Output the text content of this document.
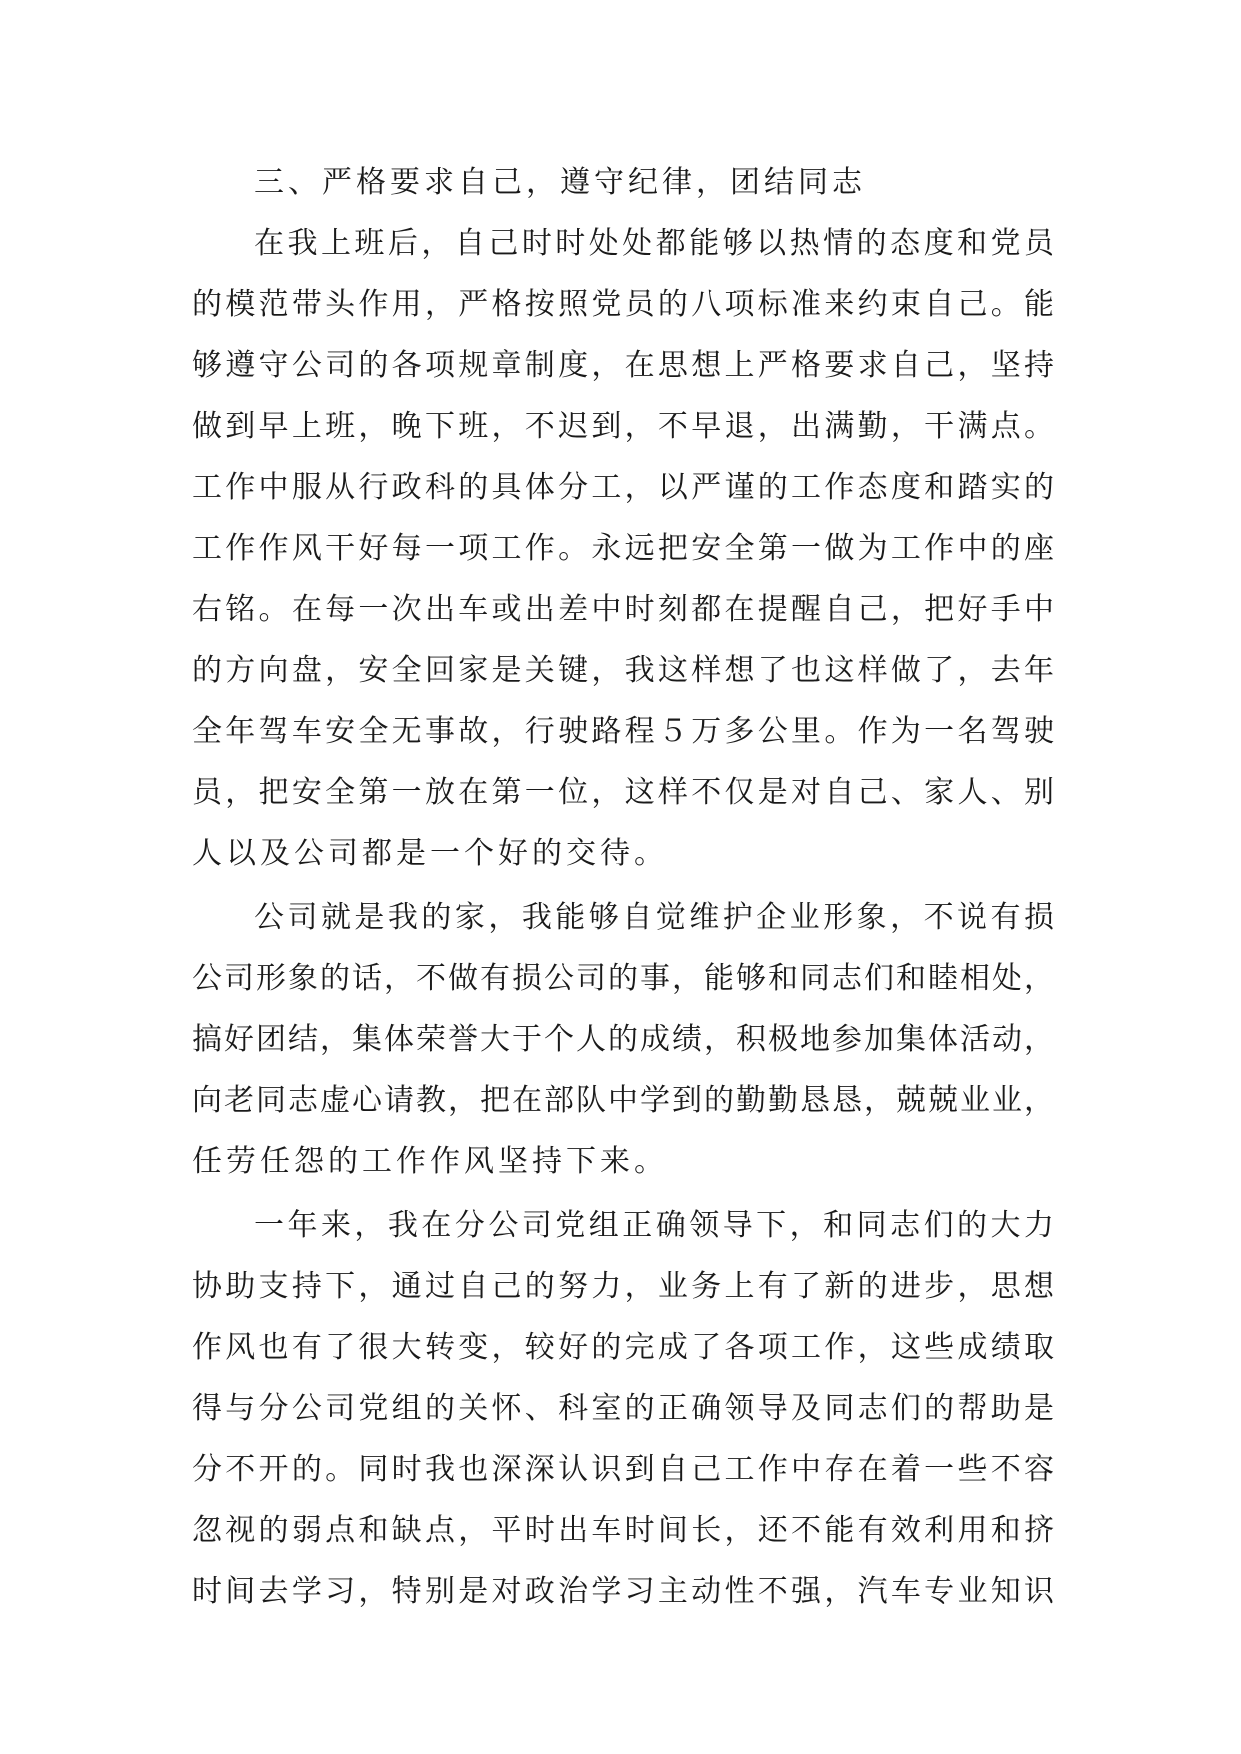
三、严格要求自己，遵守纪律，团结同志
在我上班后，自己时时处处都能够以热情的态度和党员
的模范带头作用，严格按照党员的八项标准来约束自己。能
够遵守公司的各项规章制度，在思想上严格要求自己，坚持
做到早上班，晚下班，不迟到，不早退，出满勤，干满点。
工作中服从行政科的具体分工，以严谨的工作态度和踏实的
工作作风干好每一项工作。永远把安全第一做为工作中的座
右铭。在每一次出车或出差中时刻都在提醒自己，把好手中
的方向盘，安全回家是关键，我这样想了也这样做了，去年
全年驾车安全无事故，行驶路程５万多公里。作为一名驾驶
员，把安全第一放在第一位，这样不仅是对自己、家人、别
人以及公司都是一个好的交待。
公司就是我的家，我能够自觉维护企业形象，不说有损
公司形象的话，不做有损公司的事，能够和同志们和睦相处，
搞好团结，集体荣誉大于个人的成绩，积极地参加集体活动，
向老同志虚心请教，把在部队中学到的勤勤恳恳，兢兢业业，
任劳任怨的工作作风坚持下来。
一年来，我在分公司党组正确领导下，和同志们的大力
协助支持下，通过自己的努力，业务上有了新的进步，思想
作风也有了很大转变，较好的完成了各项工作，这些成绩取
得与分公司党组的关怀、科室的正确领导及同志们的帮助是
分不开的。同时我也深深认识到自己工作中存在着一些不容
忽视的弱点和缺点，平时出车时间长，还不能有效利用和挤
时间去学习，特别是对政治学习主动性不强，汽车专业知识
